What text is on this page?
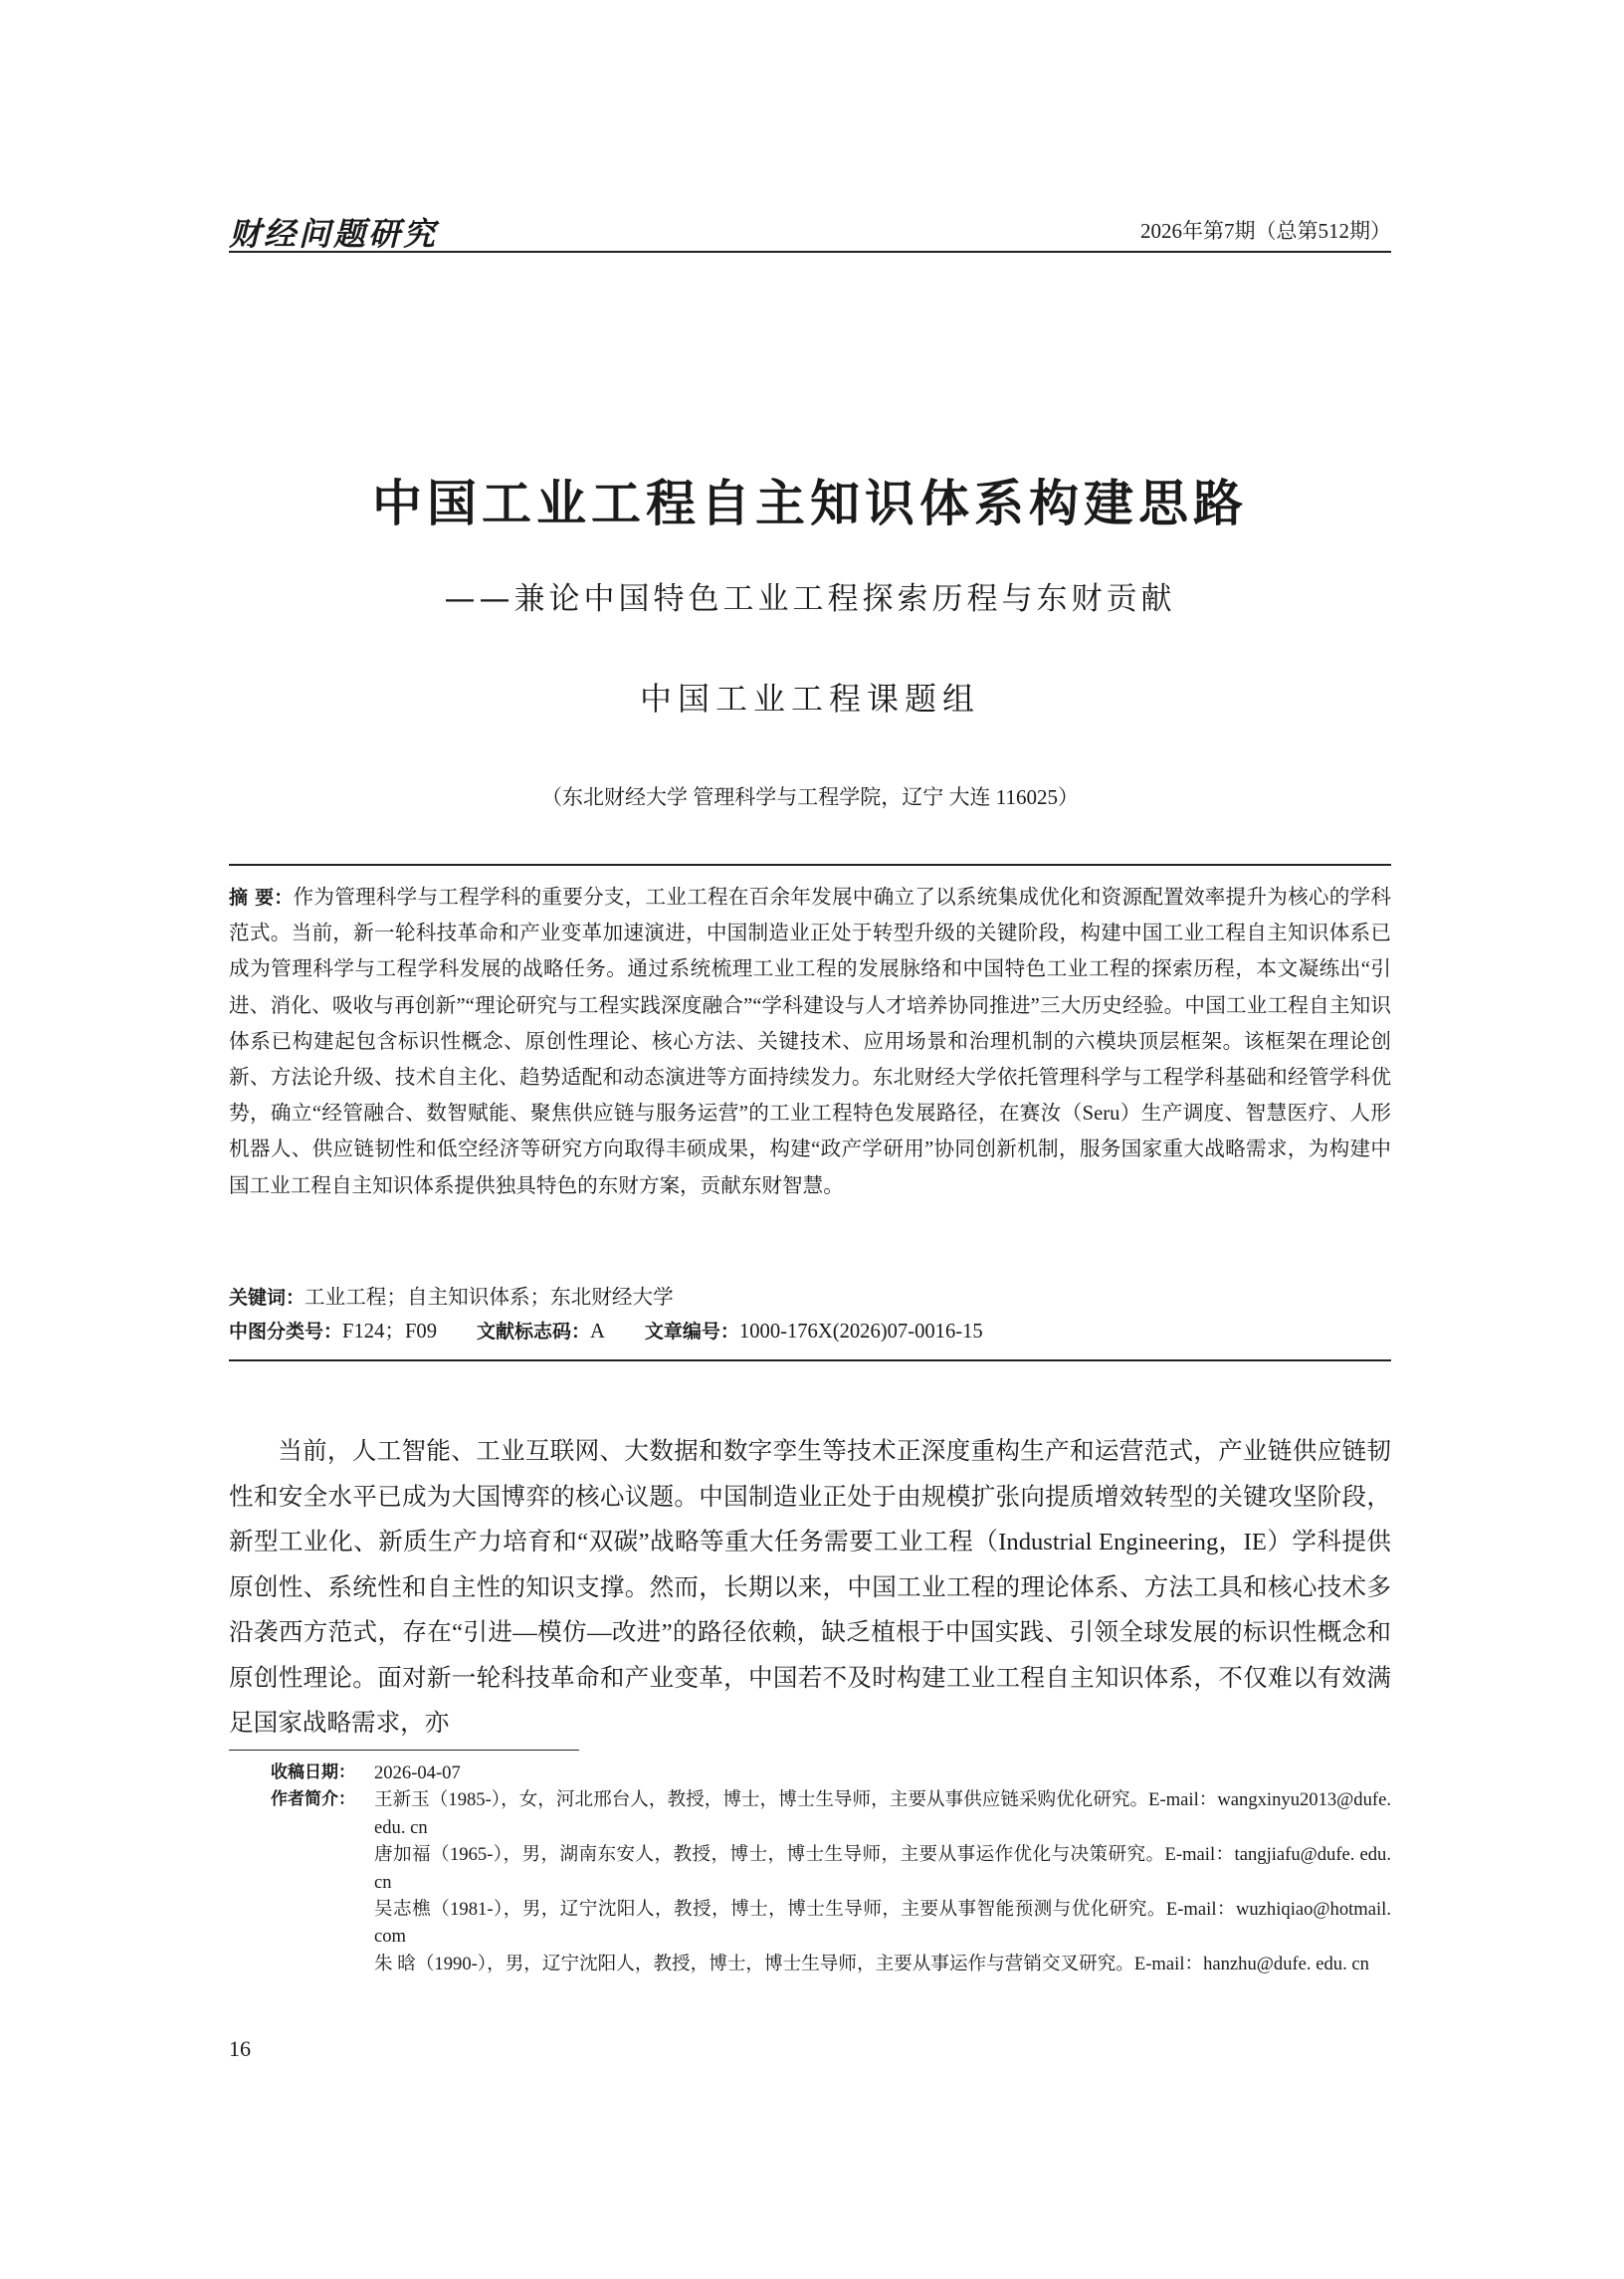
财经问题研究	2026年第7期（总第512期）
中国工业工程自主知识体系构建思路
——兼论中国特色工业工程探索历程与东财贡献
中国工业工程课题组
（东北财经大学 管理科学与工程学院，辽宁 大连 116025）
摘 要：作为管理科学与工程学科的重要分支，工业工程在百余年发展中确立了以系统集成优化和资源配置效率提升为核心的学科范式。当前，新一轮科技革命和产业变革加速演进，中国制造业正处于转型升级的关键阶段，构建中国工业工程自主知识体系已成为管理科学与工程学科发展的战略任务。通过系统梳理工业工程的发展脉络和中国特色工业工程的探索历程，本文凝练出“引进、消化、吸收与再创新”“理论研究与工程实践深度融合”“学科建设与人才培养协同推进”三大历史经验。中国工业工程自主知识体系已构建起包含标识性概念、原创性理论、核心方法、关键技术、应用场景和治理机制的六模块顶层框架。该框架在理论创新、方法论升级、技术自主化、趋势适配和动态演进等方面持续发力。东北财经大学依托管理科学与工程学科基础和经管学科优势，确立“经管融合、数智赋能、聚焦供应链与服务运营”的工业工程特色发展路径，在赛汝（Seru）生产调度、智慧医疗、人形机器人、供应链韧性和低空经济等研究方向取得丰硕成果，构建“政产学研用”协同创新机制，服务国家重大战略需求，为构建中国工业工程自主知识体系提供独具特色的东财方案，贡献东财智慧。
关键词：工业工程；自主知识体系；东北财经大学
中图分类号：F124；F09 文献标志码：A 文章编号：1000-176X(2026)07-0016-15

当前，人工智能、工业互联网、大数据和数字孪生等技术正深度重构生产和运营范式，产业链供应链韧性和安全水平已成为大国博弈的核心议题。中国制造业正处于由规模扩张向提质增效转型的关键攻坚阶段，新型工业化、新质生产力培育和“双碳”战略等重大任务需要工业工程（Industrial Engineering，IE）学科提供原创性、系统性和自主性的知识支撑。然而，长期以来，中国工业工程的理论体系、方法工具和核心技术多沿袭西方范式，存在“引进—模仿—改进”的路径依赖，缺乏植根于中国实践、引领全球发展的标识性概念和原创性理论。面对新一轮科技革命和产业变革，中国若不及时构建工业工程自主知识体系，不仅难以有效满足国家战略需求，亦

收稿日期：	2026-04-07
作者简介：	王新玉（1985-），女，河北邢台人，教授，博士，博士生导师，主要从事供应链采购优化研究。E-mail：wangxinyu2013@dufe. edu. cn

唐加福（1965-），男，湖南东安人，教授，博士，博士生导师，主要从事运作优化与决策研究。E-mail：tangjiafu@dufe. edu. cn

吴志樵（1981-），男，辽宁沈阳人，教授，博士，博士生导师，主要从事智能预测与优化研究。E-mail：wuzhiqiao@hotmail. com

朱 晗（1990-），男，辽宁沈阳人，教授，博士，博士生导师，主要从事运作与营销交叉研究。E-mail：hanzhu@dufe. edu. cn

16
